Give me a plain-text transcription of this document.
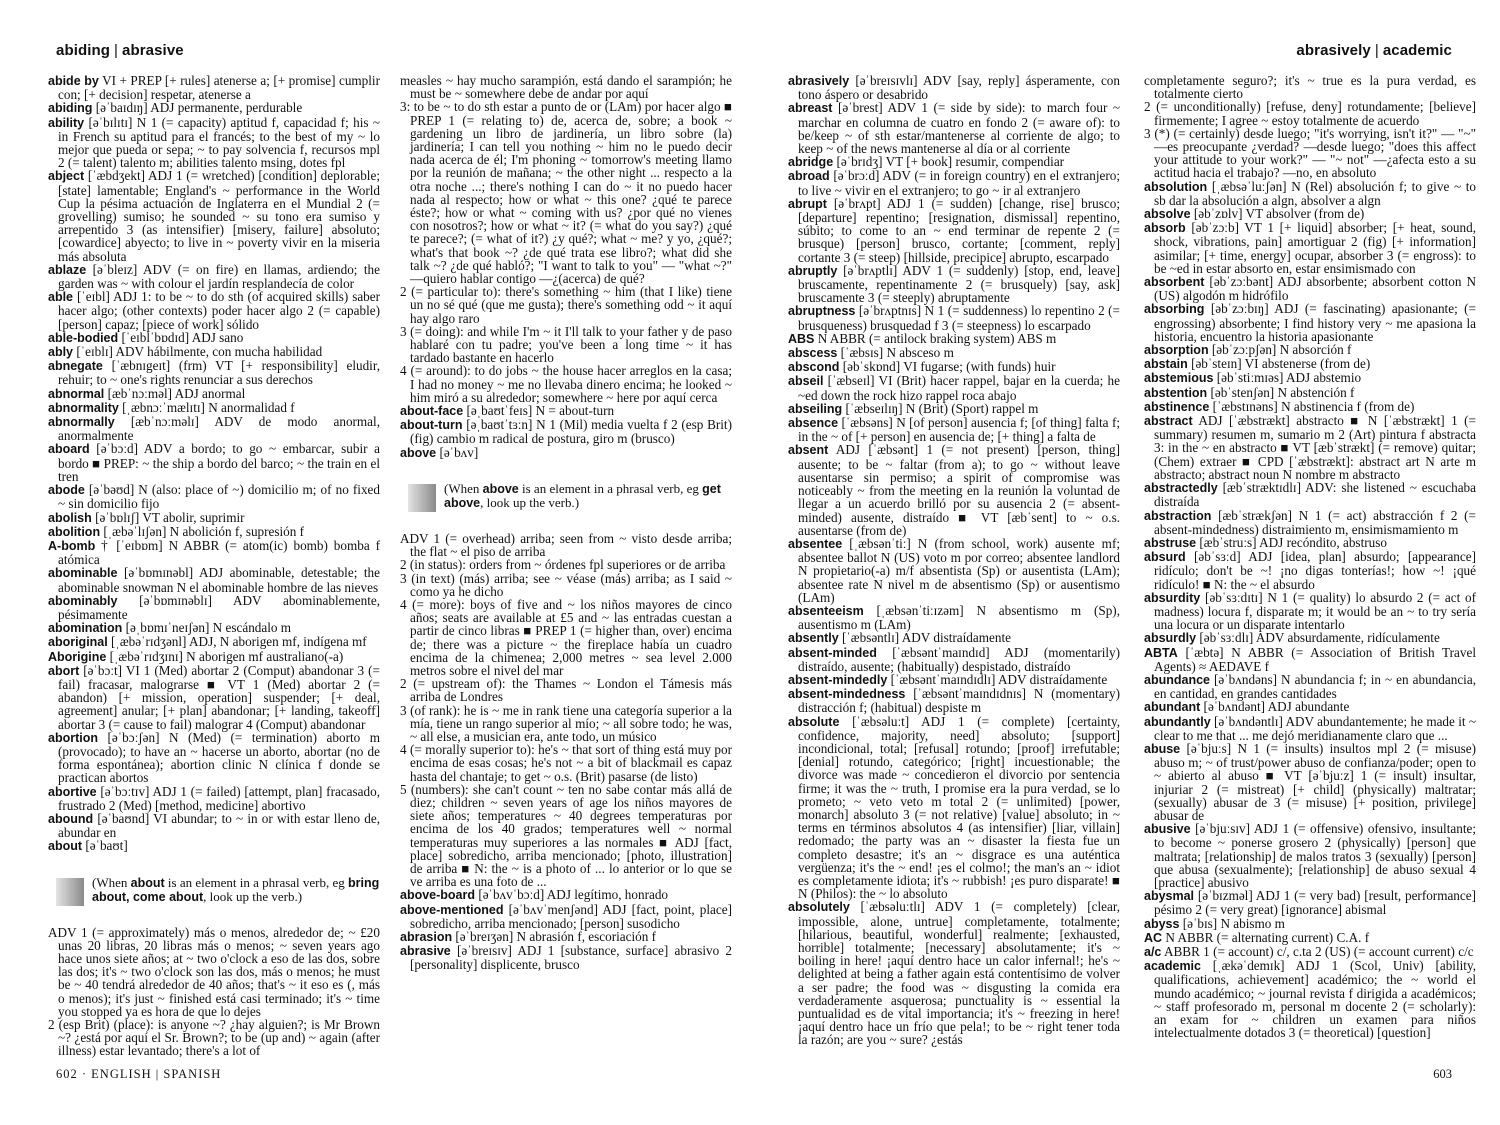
abiding | abrasive

abide by VI + PREP [+ rules] atenerse a; [+ promise] cumplir con; [+ decision] respetar, atenerse a

abiding [əˈbaɪdɪŋ] ADJ permanente, perdurable

ability [əˈbɪlɪtɪ] N 1 (= capacity) aptitud f, capacidad f; his ~ in French su aptitud para el francés; to the best of my ~ lo mejor que pueda or sepa; ~ to pay solvencia f, recursos mpl 2 (= talent) talento m; abilities talento msing, dotes fpl

abject [ˈæbdʒekt] ADJ 1 (= wretched) [condition] deplorable; [state] lamentable; England's ~ performance in the World Cup la pésima actuación de Inglaterra en el Mundial 2 (= grovelling) sumiso; he sounded ~ su tono era sumiso y arrepentido 3 (as intensifier) [misery, failure] absoluto; [cowardice] abyecto; to live in ~ poverty vivir en la miseria más absoluta

ablaze [əˈbleɪz] ADV (= on fire) en llamas, ardiendo; the garden was ~ with colour el jardín resplandecía de color

able [ˈeɪbl] ADJ 1: to be ~ to do sth (of acquired skills) saber hacer algo; (other contexts) poder hacer algo 2 (= capable) [person] capaz; [piece of work] sólido

able-bodied [ˈeɪblˈbɒdɪd] ADJ sano

ably [ˈeɪblɪ] ADV hábilmente, con mucha habilidad

abnegate [ˈæbnɪgeɪt] (frm) VT [+ responsibility] eludir, rehuir; to ~ one's rights renunciar a sus derechos

abnormal [æbˈnɔːməl] ADJ anormal

abnormality [ˌæbnɔːˈmælɪtɪ] N anormalidad f

abnormally [æbˈnɔːməlɪ] ADV de modo anormal, anormalmente

aboard [əˈbɔːd] ADV a bordo; to go ~ embarcar, subir a bordo ■ PREP: ~ the ship a bordo del barco; ~ the train en el tren

abode [əˈbəʊd] N (also: place of ~) domicilio m; of no fixed ~ sin domicilio fijo

abolish [əˈbɒlɪʃ] VT abolir, suprimir

abolition [ˌæbəˈlɪʃən] N abolición f, supresión f

A-bomb † [ˈeɪbɒm] N ABBR (= atom(ic) bomb) bomba f atómica

abominable [əˈbɒmɪnəbl] ADJ abominable, detestable; the abominable snowman N el abominable hombre de las nieves

abominably [əˈbɒmɪnəblɪ] ADV abominablemente, pésimamente

abomination [əˌbɒmɪˈneɪʃən] N escándalo m

aboriginal [ˌæbəˈrɪdʒənl] ADJ, N aborigen mf, indígena mf

Aborigine [ˌæbəˈrɪdʒɪnɪ] N aborigen mf australiano(-a)

abort [əˈbɔːt] VI 1 (Med) abortar 2 (Comput) abandonar 3 (= fail) fracasar, malograrse ■ VT 1 (Med) abortar 2 (= abandon) [+ mission, operation] suspender; [+ deal, agreement] anular; [+ plan] abandonar; [+ landing, takeoff] abortar 3 (= cause to fail) malograr 4 (Comput) abandonar

abortion [əˈbɔːʃən] N (Med) (= termination) aborto m (provocado); to have an ~ hacerse un aborto, abortar (no de forma espontánea); abortion clinic N clínica f donde se practican abortos

abortive [əˈbɔːtɪv] ADJ 1 (= failed) [attempt, plan] fracasado, frustrado 2 (Med) [method, medicine] abortivo

abound [əˈbaʊnd] VI abundar; to ~ in or with estar lleno de, abundar en

about [əˈbaʊt]

(When about is an element in a phrasal verb, eg bring about, come about, look up the verb.)

ADV 1 (= approximately) más o menos, alrededor de; ~ £20 unas 20 libras, 20 libras más o menos; ~ seven years ago hace unos siete años; at ~ two o'clock a eso de las dos, sobre las dos; it's ~ two o'clock son las dos, más o menos; he must be ~ 40 tendrá alrededor de 40 años; that's ~ it eso es (, más o menos); it's just ~ finished está casi terminado; it's ~ time you stopped ya es hora de que lo dejes

2 (esp Brit) (place): is anyone ~? ¿hay alguien?; is Mr Brown ~? ¿está por aquí el Sr. Brown?; to be (up and) ~ again (after illness) estar levantado; there's a lot of

measles ~ hay mucho sarampión, está dando el sarampión; he must be ~ somewhere debe de andar por aquí

3: to be ~ to do sth estar a punto de or (LAm) por hacer algo ■ PREP 1 (= relating to) de, acerca de, sobre; a book ~ gardening un libro de jardinería, un libro sobre (la) jardinería; I can tell you nothing ~ him no le puedo decir nada acerca de él; I'm phoning ~ tomorrow's meeting llamo por la reunión de mañana; ~ the other night ... respecto a la otra noche ...; there's nothing I can do ~ it no puedo hacer nada al respecto; how or what ~ this one? ¿qué te parece éste?; how or what ~ coming with us? ¿por qué no vienes con nosotros?; how or what ~ it? (= what do you say?) ¿qué te parece?; (= what of it?) ¿y qué?; what ~ me? y yo, ¿qué?; what's that book ~? ¿de qué trata ese libro?; what did she talk ~? ¿de qué habló?; "I want to talk to you" — "what ~?" —quiero hablar contigo —¿(acerca) de qué?

2 (= particular to): there's something ~ him (that I like) tiene un no sé qué (que me gusta); there's something odd ~ it aquí hay algo raro

3 (= doing): and while I'm ~ it I'll talk to your father y de paso hablaré con tu padre; you've been a long time ~ it has tardado bastante en hacerlo

4 (= around): to do jobs ~ the house hacer arreglos en la casa; I had no money ~ me no llevaba dinero encima; he looked ~ him miró a su alrededor; somewhere ~ here por aquí cerca

about-face [əˌbaʊtˈfeɪs] N = about-turn

about-turn [əˌbaʊtˈtɜːn] N 1 (Mil) media vuelta f 2 (esp Brit) (fig) cambio m radical de postura, giro m (brusco)

above [əˈbʌv]

(When above is an element in a phrasal verb, eg get above, look up the verb.)

ADV 1 (= overhead) arriba; seen from ~ visto desde arriba; the flat ~ el piso de arriba

2 (in status): orders from ~ órdenes fpl superiores or de arriba

3 (in text) (más) arriba; see ~ véase (más) arriba; as I said ~ como ya he dicho

4 (= more): boys of five and ~ los niños mayores de cinco años; seats are available at £5 and ~ las entradas cuestan a partir de cinco libras ■ PREP 1 (= higher than, over) encima de; there was a picture ~ the fireplace había un cuadro encima de la chimenea; 2,000 metres ~ sea level 2.000 metros sobre el nivel del mar

2 (= upstream of): the Thames ~ London el Támesis más arriba de Londres

3 (of rank): he is ~ me in rank tiene una categoría superior a la mía, tiene un rango superior al mío; ~ all sobre todo; he was, ~ all else, a musician era, ante todo, un músico

4 (= morally superior to): he's ~ that sort of thing está muy por encima de esas cosas; he's not ~ a bit of blackmail es capaz hasta del chantaje; to get ~ o.s. (Brit) pasarse (de listo)

5 (numbers): she can't count ~ ten no sabe contar más allá de diez; children ~ seven years of age los niños mayores de siete años; temperatures ~ 40 degrees temperaturas por encima de los 40 grados; temperatures well ~ normal temperaturas muy superiores a las normales ■ ADJ [fact, place] sobredicho, arriba mencionado; [photo, illustration] de arriba ■ N: the ~ is a photo of ... lo anterior or lo que se ve arriba es una foto de ...

above-board [əˈbʌvˈbɔːd] ADJ legítimo, honrado

above-mentioned [əˈbʌvˈmenʃənd] ADJ [fact, point, place] sobredicho, arriba mencionado; [person] susodicho

abrasion [əˈbreɪʒən] N abrasión f, escoriación f

abrasive [əˈbreɪsɪv] ADJ 1 [substance, surface] abrasivo 2 [personality] displicente, brusco

602 · ENGLISH | SPANISH
abrasively | academic

abrasively [əˈbreɪsɪvlɪ] ADV [say, reply] ásperamente, con tono áspero or desabrido

abreast [əˈbrest] ADV 1 (= side by side): to march four ~ marchar en columna de cuatro en fondo 2 (= aware of): to be/keep ~ of sth estar/mantenerse al corriente de algo; to keep ~ of the news mantenerse al día or al corriente

abridge [əˈbrɪdʒ] VT [+ book] resumir, compendiar

abroad [əˈbrɔːd] ADV (= in foreign country) en el extranjero; to live ~ vivir en el extranjero; to go ~ ir al extranjero

abrupt [əˈbrʌpt] ADJ 1 (= sudden) [change, rise] brusco; [departure] repentino; [resignation, dismissal] repentino, súbito; to come to an ~ end terminar de repente 2 (= brusque) [person] brusco, cortante; [comment, reply] cortante 3 (= steep) [hillside, precipice] abrupto, escarpado

abruptly [əˈbrʌptlɪ] ADV 1 (= suddenly) [stop, end, leave] bruscamente, repentinamente 2 (= brusquely) [say, ask] bruscamente 3 (= steeply) abruptamente

abruptness [əˈbrʌptnɪs] N 1 (= suddenness) lo repentino 2 (= brusqueness) brusquedad f 3 (= steepness) lo escarpado

ABS N ABBR (= antilock braking system) ABS m

abscess [ˈæbsɪs] N absceso m

abscond [əbˈskɒnd] VI fugarse; (with funds) huir

abseil [ˈæbseɪl] VI (Brit) hacer rappel, bajar en la cuerda; he ~ed down the rock hizo rappel roca abajo

abseiling [ˈæbseɪlɪŋ] N (Brit) (Sport) rappel m

absence [ˈæbsəns] N [of person] ausencia f; [of thing] falta f; in the ~ of [+ person] en ausencia de; [+ thing] a falta de

absent ADJ [ˈæbsənt] 1 (= not present) [person, thing] ausente; to be ~ faltar (from a); to go ~ without leave ausentarse sin permiso; a spirit of compromise was noticeably ~ from the meeting en la reunión la voluntad de llegar a un acuerdo brilló por su ausencia 2 (= absent-minded) ausente, distraído ■ VT [æbˈsent] to ~ o.s. ausentarse (from de)

absentee [ˌæbsənˈtiː] N (from school, work) ausente mf; absentee ballot N (US) voto m por correo; absentee landlord N propietario(-a) m/f absentista (Sp) or ausentista (LAm); absentee rate N nivel m de absentismo (Sp) or ausentismo (LAm)

absenteeism [ˌæbsənˈtiːɪzəm] N absentismo m (Sp), ausentismo m (LAm)

absently [ˈæbsəntlɪ] ADV distraídamente

absent-minded [ˈæbsəntˈmaɪndɪd] ADJ (momentarily) distraído, ausente; (habitually) despistado, distraído

absent-mindedly [ˈæbsəntˈmaɪndɪdlɪ] ADV distraídamente

absent-mindedness [ˈæbsəntˈmaɪndɪdnɪs] N (momentary) distracción f; (habitual) despiste m

absolute [ˈæbsəluːt] ADJ 1 (= complete) [certainty, confidence, majority, need] absoluto; [support] incondicional, total; [refusal] rotundo; [proof] irrefutable; [denial] rotundo, categórico; [right] incuestionable; the divorce was made ~ concedieron el divorcio por sentencia firme; it was the ~ truth, I promise era la pura verdad, se lo prometo; ~ veto veto m total 2 (= unlimited) [power, monarch] absoluto 3 (= not relative) [value] absoluto; in ~ terms en términos absolutos 4 (as intensifier) [liar, villain] redomado; the party was an ~ disaster la fiesta fue un completo desastre; it's an ~ disgrace es una auténtica vergüenza; it's the ~ end! ¡es el colmo!; the man's an ~ idiot es completamente idiota; it's ~ rubbish! ¡es puro disparate! ■ N (Philos): the ~ lo absoluto

absolutely [ˈæbsəluːtlɪ] ADV 1 (= completely) [clear, impossible, alone, untrue] completamente, totalmente; [hilarious, beautiful, wonderful] realmente; [exhausted, horrible] totalmente; [necessary] absolutamente; it's ~ boiling in here! ¡aquí dentro hace un calor infernal!; he's ~ delighted at being a father again está contentísimo de volver a ser padre; the food was ~ disgusting la comida era verdaderamente asquerosa; punctuality is ~ essential la puntualidad es de vital importancia; it's ~ freezing in here! ¡aquí dentro hace un frío que pela!; to be ~ right tener toda la razón; are you ~ sure? ¿estás

completamente seguro?; it's ~ true es la pura verdad, es totalmente cierto

2 (= unconditionally) [refuse, deny] rotundamente; [believe] firmemente; I agree ~ estoy totalmente de acuerdo

3 (*) (= certainly) desde luego; "it's worrying, isn't it?" — "~" —es preocupante ¿verdad? —desde luego; "does this affect your attitude to your work?" — "~ not" —¿afecta esto a su actitud hacia el trabajo? —no, en absoluto

absolution [ˌæbsəˈluːʃən] N (Rel) absolución f; to give ~ to sb dar la absolución a algn, absolver a algn

absolve [əbˈzɒlv] VT absolver (from de)

absorb [əbˈzɔːb] VT 1 [+ liquid] absorber; [+ heat, sound, shock, vibrations, pain] amortiguar 2 (fig) [+ information] asimilar; [+ time, energy] ocupar, absorber 3 (= engross): to be ~ed in estar absorto en, estar ensimismado con

absorbent [əbˈzɔːbənt] ADJ absorbente; absorbent cotton N (US) algodón m hidrófilo

absorbing [əbˈzɔːbɪŋ] ADJ (= fascinating) apasionante; (= engrossing) absorbente; I find history very ~ me apasiona la historia, encuentro la historia apasionante

absorption [əbˈzɔːpʃən] N absorción f

abstain [əbˈsteɪn] VI abstenerse (from de)

abstemious [əbˈstiːmɪəs] ADJ abstemio

abstention [əbˈstenʃən] N abstención f

abstinence [ˈæbstɪnəns] N abstinencia f (from de)

abstract ADJ [ˈæbstrækt] abstracto ■ N [ˈæbstrækt] 1 (= summary) resumen m, sumario m 2 (Art) pintura f abstracta 3: in the ~ en abstracto ■ VT [æbˈstrækt] (= remove) quitar; (Chem) extraer ■ CPD [ˈæbstrækt]: abstract art N arte m abstracto; abstract noun N nombre m abstracto

abstractedly [æbˈstræktɪdlɪ] ADV: she listened ~ escuchaba distraída

abstraction [æbˈstrækʃən] N 1 (= act) abstracción f 2 (= absent-mindedness) distraimiento m, ensimismamiento m

abstruse [æbˈstruːs] ADJ recóndito, abstruso

absurd [əbˈsɜːd] ADJ [idea, plan] absurdo; [appearance] ridículo; don't be ~! ¡no digas tonterías!; how ~! ¡qué ridículo! ■ N: the ~ el absurdo

absurdity [əbˈsɜːdɪtɪ] N 1 (= quality) lo absurdo 2 (= act of madness) locura f, disparate m; it would be an ~ to try sería una locura or un disparate intentarlo

absurdly [əbˈsɜːdlɪ] ADV absurdamente, ridículamente

ABTA [ˈæbtə] N ABBR (= Association of British Travel Agents) ≈ AEDAVE f

abundance [əˈbʌndəns] N abundancia f; in ~ en abundancia, en cantidad, en grandes cantidades

abundant [əˈbʌndənt] ADJ abundante

abundantly [əˈbʌndəntlɪ] ADV abundantemente; he made it ~ clear to me that ... me dejó meridianamente claro que ...

abuse [əˈbjuːs] N 1 (= insults) insultos mpl 2 (= misuse) abuso m; ~ of trust/power abuso de confianza/poder; open to ~ abierto al abuso ■ VT [əˈbjuːz] 1 (= insult) insultar, injuriar 2 (= mistreat) [+ child] (physically) maltratar; (sexually) abusar de 3 (= misuse) [+ position, privilege] abusar de

abusive [əˈbjuːsɪv] ADJ 1 (= offensive) ofensivo, insultante; to become ~ ponerse grosero 2 (physically) [person] que maltrata; [relationship] de malos tratos 3 (sexually) [person] que abusa (sexualmente); [relationship] de abuso sexual 4 [practice] abusivo

abysmal [əˈbɪzməl] ADJ 1 (= very bad) [result, performance] pésimo 2 (= very great) [ignorance] abismal

abyss [əˈbɪs] N abismo m

AC N ABBR (= alternating current) C.A. f

a/c ABBR 1 (= account) c/, c.ta 2 (US) (= account current) c/c

academic [ˌækəˈdemɪk] ADJ 1 (Scol, Univ) [ability, qualifications, achievement] académico; the ~ world el mundo académico; ~ journal revista f dirigida a académicos; ~ staff profesorado m, personal m docente 2 (= scholarly): an exam for ~ children un examen para niños intelectualmente dotados 3 (= theoretical) [question]

603
